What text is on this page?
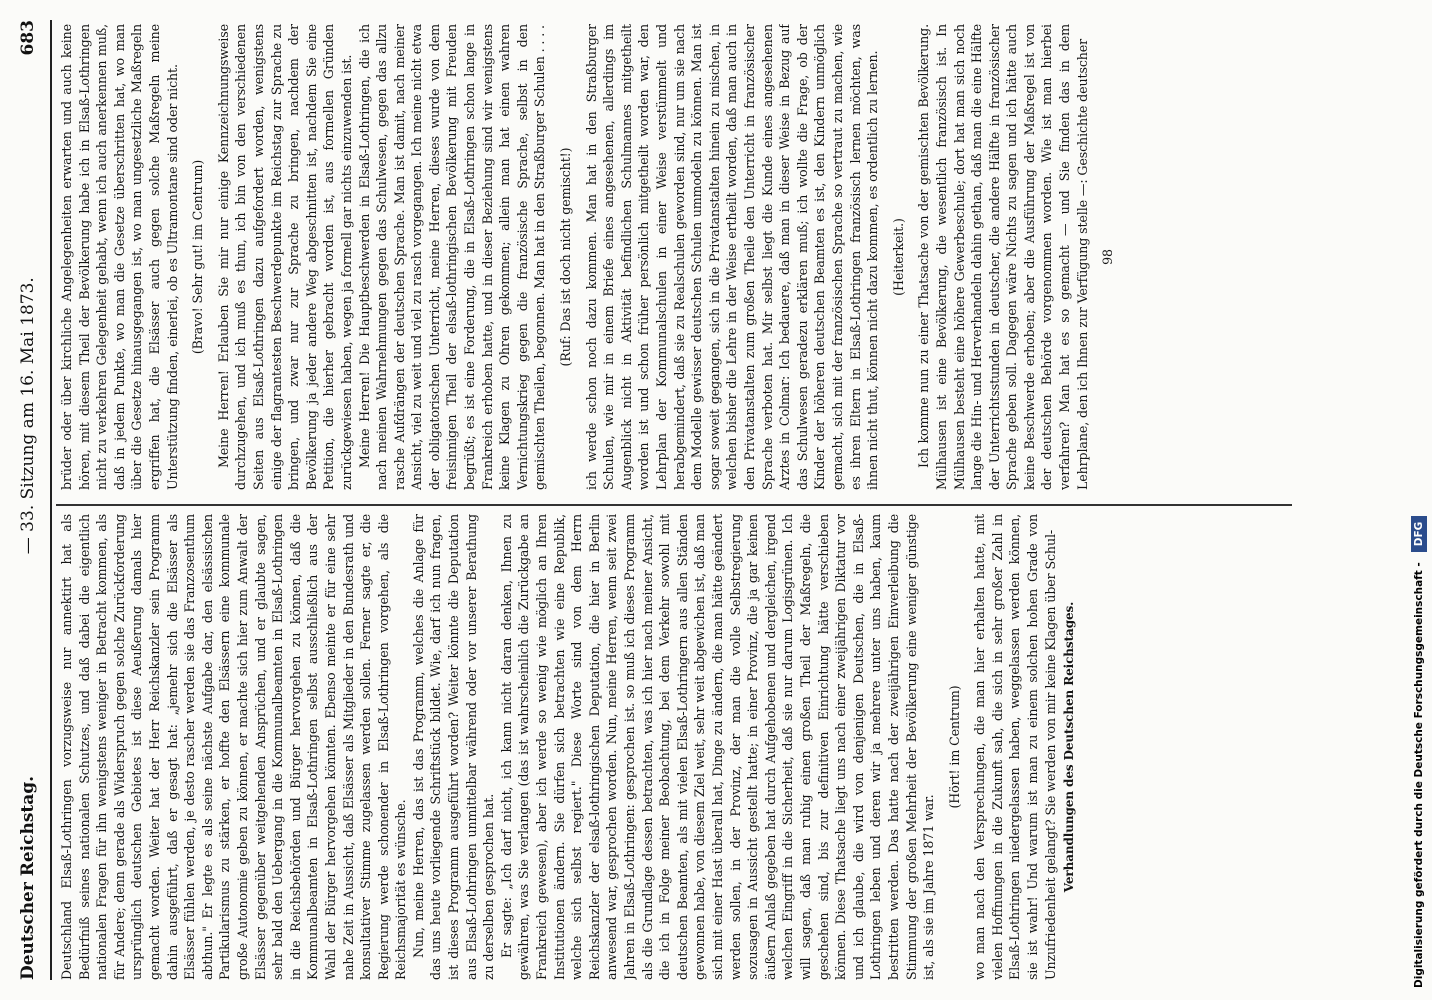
Deutscher Reichstag.
— 33. Sitzung am 16. Mai 1873.
683

Deutschland Elsaß-Lothringen vorzugsweise nur annektirt hat als Bedürfniß seines nationalen Schutzes, und daß dabei die eigentlich nationalen Fragen für ihn wenigstens weniger in Betracht kommen, als für Andere; denn gerade als Widerspruch gegen solche Zurückforderung ursprünglich deutschen Gebietes ist diese Aeußerung damals hier gemacht worden. Weiter hat der Herr Reichskanzler sein Programm dahin ausgeführt, daß er gesagt hat: „jemehr sich die Elsässer als Elsässer fühlen werden, je desto rascher werden sie das Franzosenthum abthun." Er legte es als seine nächste Aufgabe dar, den elsässischen Partikularismus zu stärken, er hoffte den Elsässern eine kommunale große Autonomie geben zu können, er machte sich hier zum Anwalt der Elsässer gegenüber weitgehenden Ansprüchen, und er glaubte sagen, sehr bald den Uebergang in die Kommunalbeamten in Elsaß-Lothringen in die Reichsbehörden und Bürger hervorgehen zu können, daß die Kommunalbeamten in Elsaß-Lothringen selbst ausschließlich aus der Wahl der Bürger hervorgehen könnten. Ebenso meinte er für eine sehr nahe Zeit in Aussicht, daß Elsässer als Mitglieder in den Bundesrath und konsultativer Stimme zugelassen werden sollen. Ferner sagte er, die Regierung werde schonender in Elsaß-Lothringen vorgehen, als die Reichsmajorität es wünsche. Nun, meine Herren, das ist das Programm, welches die Anlage für das uns heute vorliegende Schriftstück bildet. Wie, darf ich nun fragen, ist dieses Programm ausgeführt worden? Weiter könnte die Deputation aus Elsaß-Lothringen unmittelbar während oder vor unserer Berathung zu derselben gesprochen hat. Er sagte: „Ich darf nicht, ich kann nicht daran denken, Ihnen zu gewähren, was Sie verlangen (das ist wahrscheinlich die Zurückgabe an Frankreich gewesen), aber ich werde so wenig wie möglich an Ihren Institutionen ändern. Sie dürfen sich betrachten wie eine Republik, welche sich selbst regiert." Diese Worte sind von dem Herrn Reichskanzler der elsaß-lothringischen Deputation, die hier in Berlin anwesend war, gesprochen worden. Nun, meine Herren, wenn seit zwei Jahren in Elsaß-Lothringen: gesprochen ist. so muß ich dieses Programm als die Grundlage dessen betrachten, was ich hier nach meiner Ansicht, die ich in Folge meiner Beobachtung, bei dem Verkehr sowohl mit deutschen Beamten, als mit vielen Elsaß-Lothringern aus allen Ständen gewonnen habe, von diesem Ziel weit, sehr weit abgewichen ist, daß man sich mit einer Hast überall hat, Dinge zu ändern, die man hätte geändert werden sollen, in der Provinz, der man die volle Selbstregierung sozusagen in Aussicht gestellt hatte; in einer Provinz, die ja gar keinen äußern Anlaß gegeben hat durch Aufgehobenen und dergleichen, irgend welchen Eingriff in die Sicherheit, daß sie nur darum Logisgrünen. Ich will sagen, daß man ruhig einen großen Theil der Maßregeln, die geschehen sind, bis zur definitiven Einrichtung hätte verschieben können. Diese Thatsache liegt uns nach einer zweijährigen Diktatur vor und ich glaube, die wird von denjenigen Deutschen, die in Elsaß-Lothringen leben und deren wir ja mehrere unter uns haben, kaum bestritten werden. Das hatte nach der zweijährigen Einverleibung die Stimmung der großen Mehrheit der Bevölkerung eine weniger günstige ist, als sie im Jahre 1871 war.

(Hört! im Centrum) wo man nach den Versprechungen, die man hier erhalten hatte, mit vielen Hoffnungen in die Zukunft sah, die sich in sehr großer Zahl in Elsaß-Lothringen niedergelassen haben, weggelassen werden können, sie ist wahr! Und warum ist man zu einem solchen hohen Grade von Unzufriedenheit gelangt? Sie werden von mir keine Klagen über Schul- Verhandlungen des Deutschen Reichstages.

brüder oder über kirchliche Angelegenheiten erwarten und auch keine hören, mit diesem Theil der Bevölkerung habe ich in Elsaß-Lothringen nicht zu verkehren Gelegenheit gehabt, wenn ich auch anerkennen muß, daß in jedem Punkte, wo man die Gesetze überschritten hat, wo man über die Gesetze hinausgegangen ist, wo man ungesetzliche Maßregeln ergriffen hat, die Elsässer auch gegen solche Maßregeln meine Unterstützung finden, einerlei, ob es Ultramontane sind oder nicht. (Bravo! Sehr gut! im Centrum) Meine Herren! Erlauben Sie mir nur einige Kennzeichnungsweise durchzugehen, und ich muß es thun, ich bin von den verschiedenen Seiten aus Elsaß-Lothringen dazu aufgefordert worden, wenigstens einige der flagrantesten Beschwerdepunkte im Reichstag zur Sprache zu bringen, und zwar nur zur Sprache zu bringen, nachdem der Bevölkerung ja jeder andere Weg abgeschnitten ist, nachdem Sie eine Petition, die hierher gebracht worden ist, aus formellen Gründen zurückgewiesen haben, wegen ja formell gar nichts einzuwenden ist. Meine Herren! Die Hauptbeschwerden in Elsaß-Lothringen, die ich nach meinen Wahrnehmungen gegen das Schulwesen, gegen das allzu rasche Aufdrängen der deutschen Sprache. Man ist damit, nach meiner Ansicht, viel zu weit und viel zu rasch vorgegangen. Ich meine nicht etwa der obligatorischen Unterricht, meine Herren, dieses wurde von dem freisinnigen Theil der elsaß-lothringischen Bevölkerung mit Freuden begrüßt; es ist eine Forderung, die in Elsaß-Lothringen schon lange in Frankreich erhoben hatte, und in dieser Beziehung sind wir wenigstens keine Klagen zu Ohren gekommen; allein man hat einen wahren Vernichtungskrieg gegen die französische Sprache, selbst in den gemischten Theilen, begonnen. Man hat in den Straßburger Schulen . . . . (Ruf: Das ist doch nicht gemischt!) ich werde schon noch dazu kommen. Man hat in den Straßburger Schulen, wie mir in einem Briefe eines angesehenen, allerdings im Augenblick nicht in Aktivität befindlichen Schulmannes mitgetheilt worden ist und schon früher persönlich mitgetheilt worden war, den Lehrplan der Kommunalschulen in einer Weise verstümmelt und herabgemindert, daß sie zu Realschulen geworden sind, nur um sie nach dem Modelle gewisser deutschen Schulen ummodeln zu können. Man ist sogar soweit gegangen, sich in die Privatanstalten hinein zu mischen, in welchen bisher die Lehre in der Weise ertheilt worden, daß man auch in den Privatanstalten zum großen Theile den Unterricht in französischer Sprache verboten hat. Mir selbst liegt die Kunde eines angesehenen Arztes in Colmar: Ich bedauere, daß man in dieser Weise in Bezug auf das Schulwesen geradezu erklären muß; ich wollte die Frage, ob der Kinder der höheren deutschen Beamten es ist, den Kindern unmöglich gemacht, sich mit der französischen Sprache so vertraut zu machen, wie es ihren Eltern in Elsaß-Lothringen französisch lernen möchten, was ihnen nicht thut, können nicht dazu kommen, es ordentlich zu lernen. (Heiterkeit.) Ich komme nun zu einer Thatsache von der gemischten Bevölkerung. Mülhausen ist eine Bevölkerung, die wesentlich französisch ist. In Mülhausen besteht eine höhere Gewerbeschule; dort hat man sich noch lange die Hin- und Herverhandeln dahin gethan, daß man die eine Hälfte der Unterrichtsstunden in deutscher, die andere Hälfte in französischer Sprache geben soll. Dagegen wäre Nichts zu sagen und ich hätte auch keine Beschwerde erhoben; aber die Ausführung der Maßregel ist von der deutschen Behörde vorgenommen worden. Wie ist man hierbei verfahren? Man hat es so gemacht — und Sie finden das in dem Lehrplane, den ich Ihnen zur Verfügung stelle —: Geschichte deutscher 98

Digitalisierung gefördert durch die Deutsche Forschungsgemeinschaft -
DFG
